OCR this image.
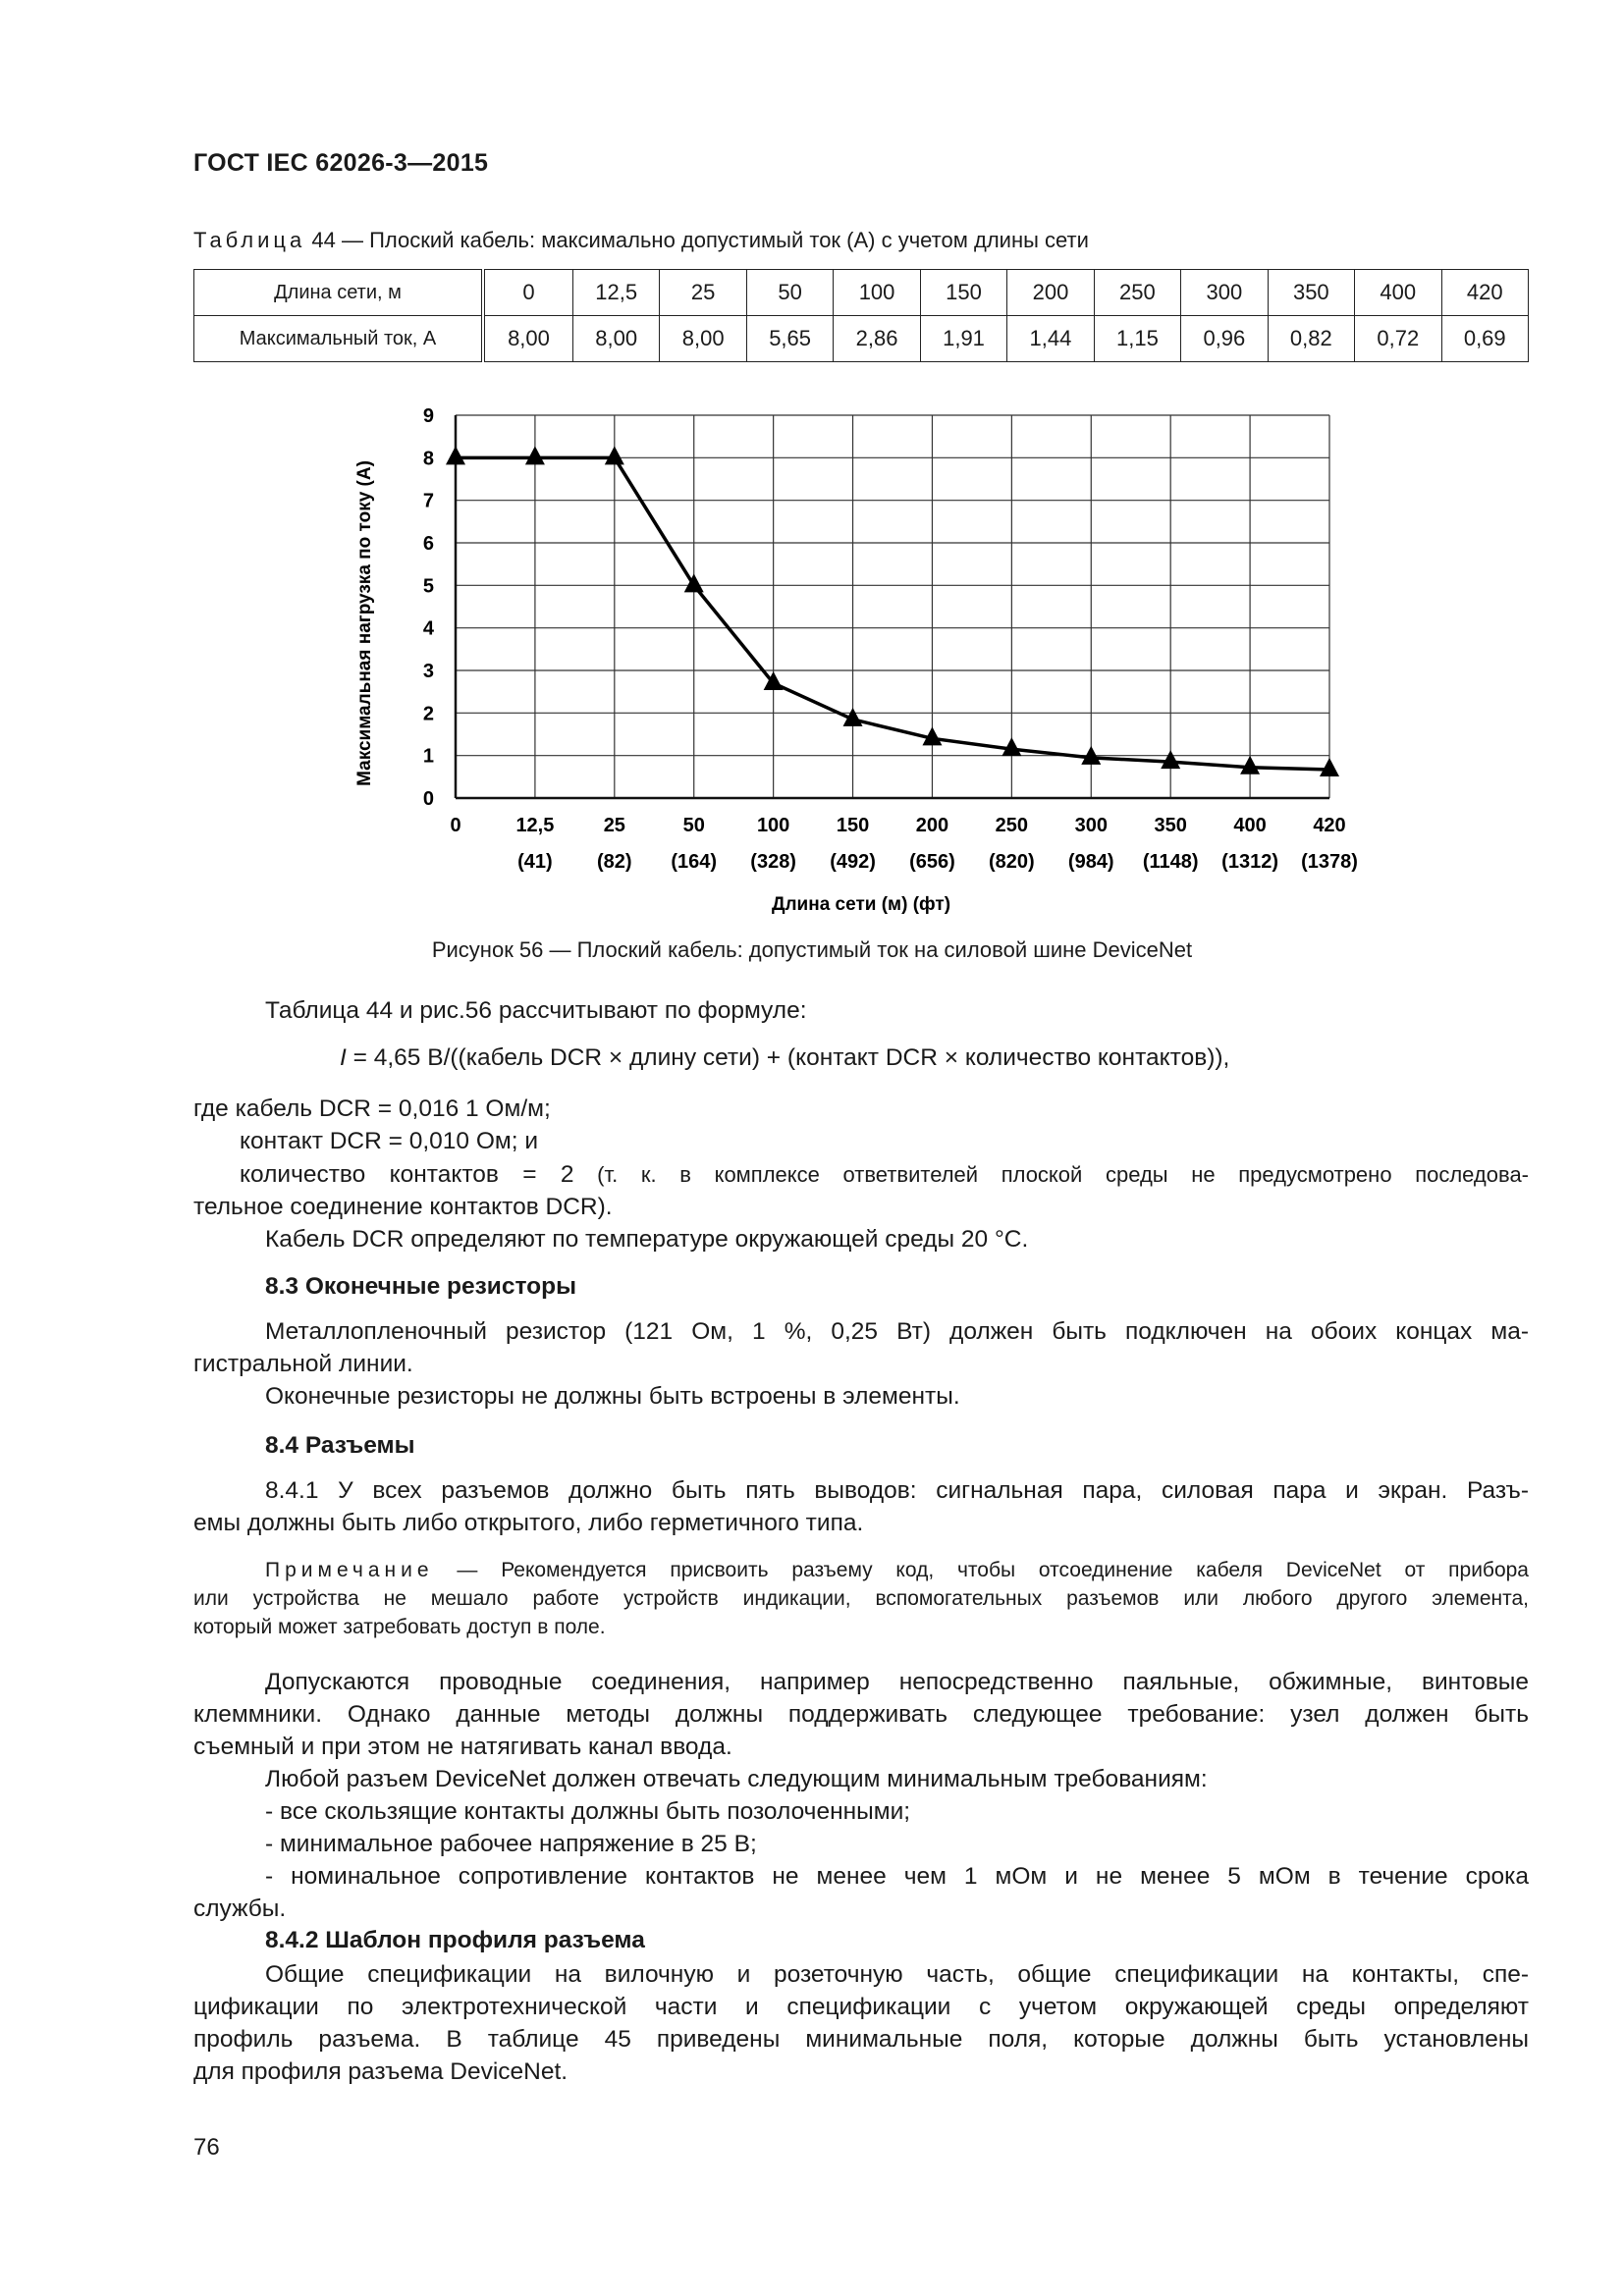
ГОСТ IEC 62026-3—2015
Таблица 44 — Плоский кабель: максимально допустимый ток (А) с учетом длины сети
Длина сети, м	0	12,5	25	50	100	150	200	250	300	350	400	420
Максимальный ток, А	8,00	8,00	8,00	5,65	2,86	1,91	1,44	1,15	0,96	0,82	0,72	0,69
0
1
2
3
4
5
6
7
8
9
0	12,5
(41)
25
(82)
50
(164)
100
(328)
150
(492)
200
(656)
250
(820)
300
(984)
350
(1148)
400
(1312)
420
(1378)
Максимальная нагрузка по току (А)
Длина сети (м) (фт)
Рисунок 56 — Плоский кабель: допустимый ток на силовой шине DeviceNet
Таблица 44 и рис.56 рассчитывают по формуле:
I = 4,65 В/((кабель DCR × длину сети) + (контакт DCR × количество контактов)),
где кабель DCR = 0,016 1 Ом/м;
контакт DCR = 0,010 Ом; и
количество контактов = 2 (т. к. в комплексе ответвителей плоской среды не предусмотрено последова-
тельное соединение контактов DCR).
Кабель DCR определяют по температуре окружающей среды 20 °С.
8.3 Оконечные резисторы
Металлопленочный резистор (121 Ом, 1 %, 0,25 Вт) должен быть подключен на обоих концах ма-
гистральной линии.
Оконечные резисторы не должны быть встроены в элементы.
8.4 Разъемы
8.4.1 У всех разъемов должно быть пять выводов: сигнальная пара, силовая пара и экран. Разъ-
емы должны быть либо открытого, либо герметичного типа.
Примечание — Рекомендуется присвоить разъему код, чтобы отсоединение кабеля DeviceNet от прибора
или устройства не мешало работе устройств индикации, вспомогательных разъемов или любого другого элемента,
который может затребовать доступ в поле.
Допускаются проводные соединения, например непосредственно паяльные, обжимные, винтовые
клеммники. Однако данные методы должны поддерживать следующее требование: узел должен быть
съемный и при этом не натягивать канал ввода.
Любой разъем DeviceNet должен отвечать следующим минимальным требованиям:
- все скользящие контакты должны быть позолоченными;
- минимальное рабочее напряжение в 25 В;
- номинальное сопротивление контактов не менее чем 1 мОм и не менее 5 мОм в течение срока
службы.
8.4.2 Шаблон профиля разъема
Общие спецификации на вилочную и розеточную часть, общие спецификации на контакты, спе-
цификации по электротехнической части и спецификации с учетом окружающей среды определяют
профиль разъема. В таблице 45 приведены минимальные поля, которые должны быть установлены
для профиля разъема DeviceNet.
76
